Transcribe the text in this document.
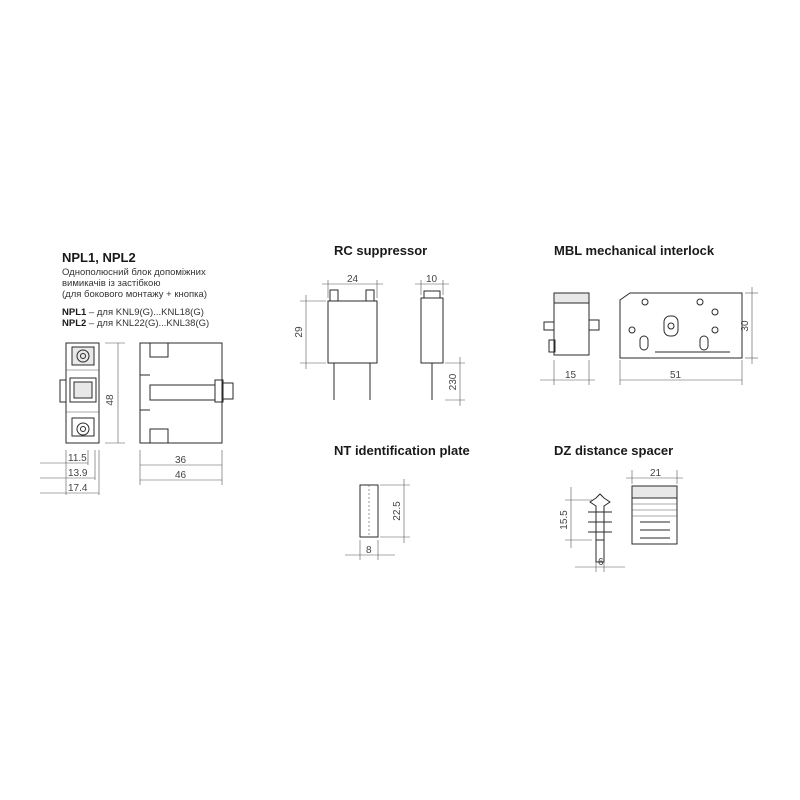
NPL1, NPL2
Однополюсний блок допоміжних
вимикачів із застібкою
(для бокового монтажу + кнопка)
NPL1 – для KNL9(G)...KNL18(G)
NPL2 – для KNL22(G)...KNL38(G)
RC suppressor	MBL mechanical interlock
NT identification plate	DZ distance spacer
48
11.5
13.9
17.4
36
46
24	10
29
230	15	51
30
22.5
8
21
15.5
6
